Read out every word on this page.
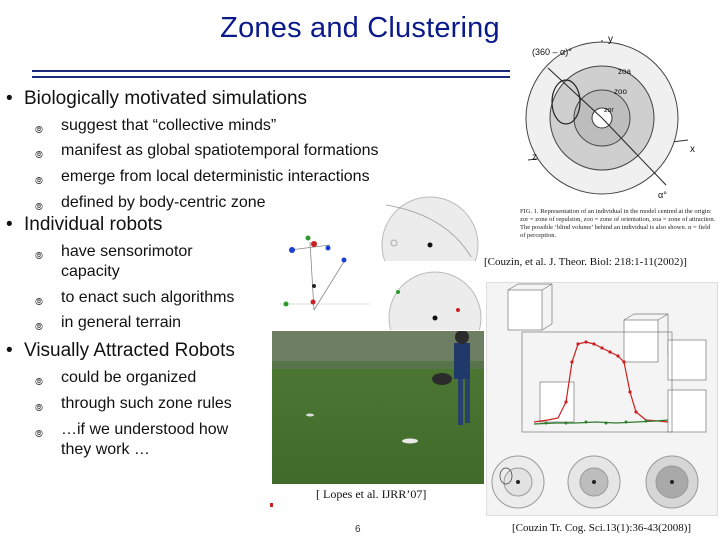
Zones and Clustering
• Biologically motivated simulations
⦾ suggest that “collective minds”
⦾ manifest as global spatiotemporal formations
⦾ emerge from local deterministic interactions
⦾ defined by body-centric zone
• Individual robots
⦾ have sensorimotor capacity
⦾ to enact such algorithms
⦾ in general terrain
• Visually Attracted Robots
⦾ could be organized
⦾ through such zone rules
⦾ …if we understood how they work …
(360 – α)°
y
x
z
α°
zoa
zoo
zor
FIG. 1. Representation of an individual in the model centred at the origin: zor = zone of repulsion, zoo = zone of orientation, zoa = zone of attraction. The possible ‘blind volume’ behind an individual is also shown. α = field of perception.
[Couzin, et al. J. Theor. Biol: 218:1-11(2002)]
[ Lopes et al. IJRR’07]
6	[Couzin Tr. Cog. Sci.13(1):36-43(2008)]
